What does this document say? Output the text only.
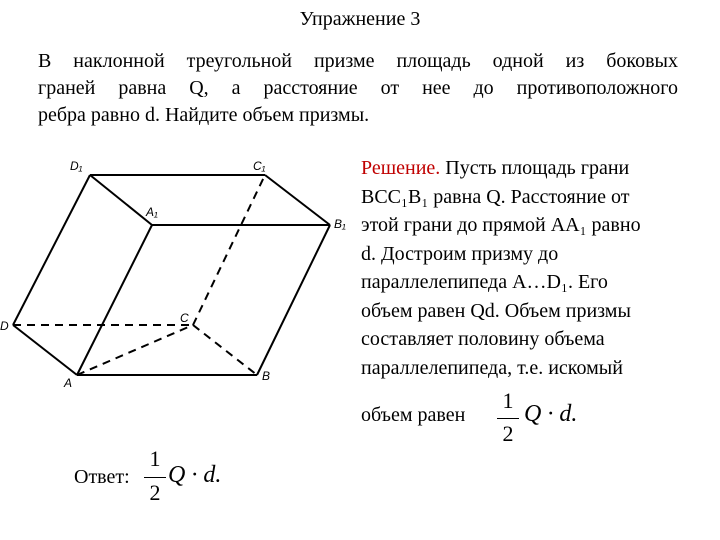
Упражнение 3
В наклонной треугольной призме площадь одной из боковых
граней равна Q, а расстояние от нее до противоположного
ребра равно d. Найдите объем призмы.
D₁	C₁
A₁
B₁
D
C
A	B
Решение. Пусть площадь грани
BCC₁B₁ равна Q. Расстояние от
этой грани до прямой AA₁ равно
d. Достроим призму до
параллелепипеда A…D₁. Его
объем равен Qd. Объем призмы
составляет половину объема
параллелепипеда, т.е. искомый
объем равен
1
2
Q · d.
Ответ:
1
2
Q · d.
